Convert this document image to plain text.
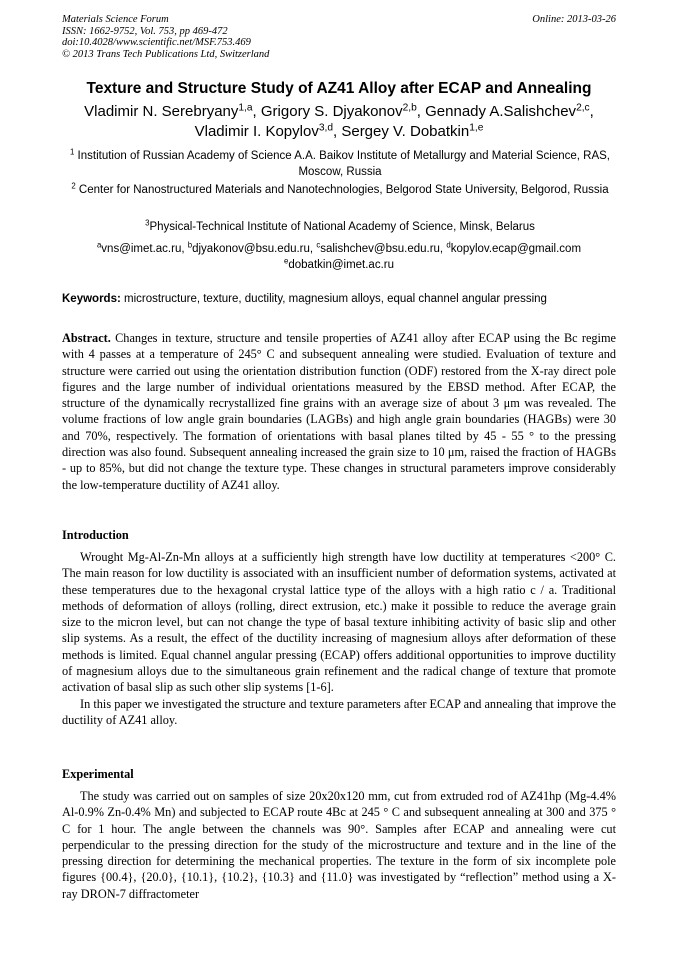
Materials Science Forum
ISSN: 1662-9752, Vol. 753, pp 469-472
doi:10.4028/www.scientific.net/MSF.753.469
© 2013 Trans Tech Publications Ltd, Switzerland
Online: 2013-03-26
Texture and Structure Study of AZ41 Alloy after ECAP and Annealing
Vladimir N. Serebryany$^{1,a}$, Grigory S. Djyakonov$^{2,b}$, Gennady A.Salishchev$^{2,c}$,
Vladimir I. Kopylov$^{3,d}$, Sergey V. Dobatkin$^{1,e}$
$^1$ Institution of Russian Academy of Science A.A. Baikov Institute of Metallurgy and Material Science, RAS, Moscow, Russia
$^2$ Center for Nanostructured Materials and Nanotechnologies, Belgorod State University, Belgorod, Russia
$^3$Physical-Technical Institute of National Academy of Science, Minsk, Belarus
$^a$vns@imet.ac.ru, $^b$djyakonov@bsu.edu.ru, $^c$salishchev@bsu.edu.ru, $^d$kopylov.ecap@gmail.com
$^e$dobatkin@imet.ac.ru
Keywords: microstructure, texture, ductility, magnesium alloys, equal channel angular pressing
Abstract. Changes in texture, structure and tensile properties of AZ41 alloy after ECAP using the Bc regime with 4 passes at a temperature of 245° C and subsequent annealing were studied. Evaluation of texture and structure were carried out using the orientation distribution function (ODF) restored from the X-ray direct pole figures and the large number of individual orientations measured by the EBSD method. After ECAP, the structure of the dynamically recrystallized fine grains with an average size of about 3 μm was revealed. The volume fractions of low angle grain boundaries (LAGBs) and high angle grain boundaries (HAGBs) were 30 and 70%, respectively. The formation of orientations with basal planes tilted by 45 - 55 ° to the pressing direction was also found. Subsequent annealing increased the grain size to 10 μm, raised the fraction of HAGBs - up to 85%, but did not change the texture type. These changes in structural parameters improve considerably the low-temperature ductility of AZ41 alloy.
Introduction

Wrought Mg-Al-Zn-Mn alloys at a sufficiently high strength have low ductility at temperatures <200° C. The main reason for low ductility is associated with an insufficient number of deformation systems, activated at these temperatures due to the hexagonal crystal lattice type of the alloys with a high ratio c / a. Traditional methods of deformation of alloys (rolling, direct extrusion, etc.) make it possible to reduce the average grain size to the micron level, but can not change the type of basal texture inhibiting activity of basic slip and other slip systems. As a result, the effect of the ductility increasing of magnesium alloys after deformation of these methods is limited. Equal channel angular pressing (ECAP) offers additional opportunities to improve ductility of magnesium alloys due to the simultaneous grain refinement and the radical change of texture that promote activation of basal slip as such other slip systems [1-6].

In this paper we investigated the structure and texture parameters after ECAP and annealing that improve the ductility of AZ41 alloy.

Experimental

The study was carried out on samples of size 20x20x120 mm, cut from extruded rod of AZ41hp (Mg-4.4% Al-0.9% Zn-0.4% Mn) and subjected to ECAP route 4Bc at 245 ° C and subsequent annealing at 300 and 375 ° C for 1 hour. The angle between the channels was 90°. Samples after ECAP and annealing were cut perpendicular to the pressing direction for the study of the microstructure and texture and in the line of the pressing direction for determining the mechanical properties. The texture in the form of six incomplete pole figures {00.4}, {20.0}, {10.1}, {10.2}, {10.3} and {11.0} was investigated by “reflection” method using a X-ray DRON-7 diffractometer
